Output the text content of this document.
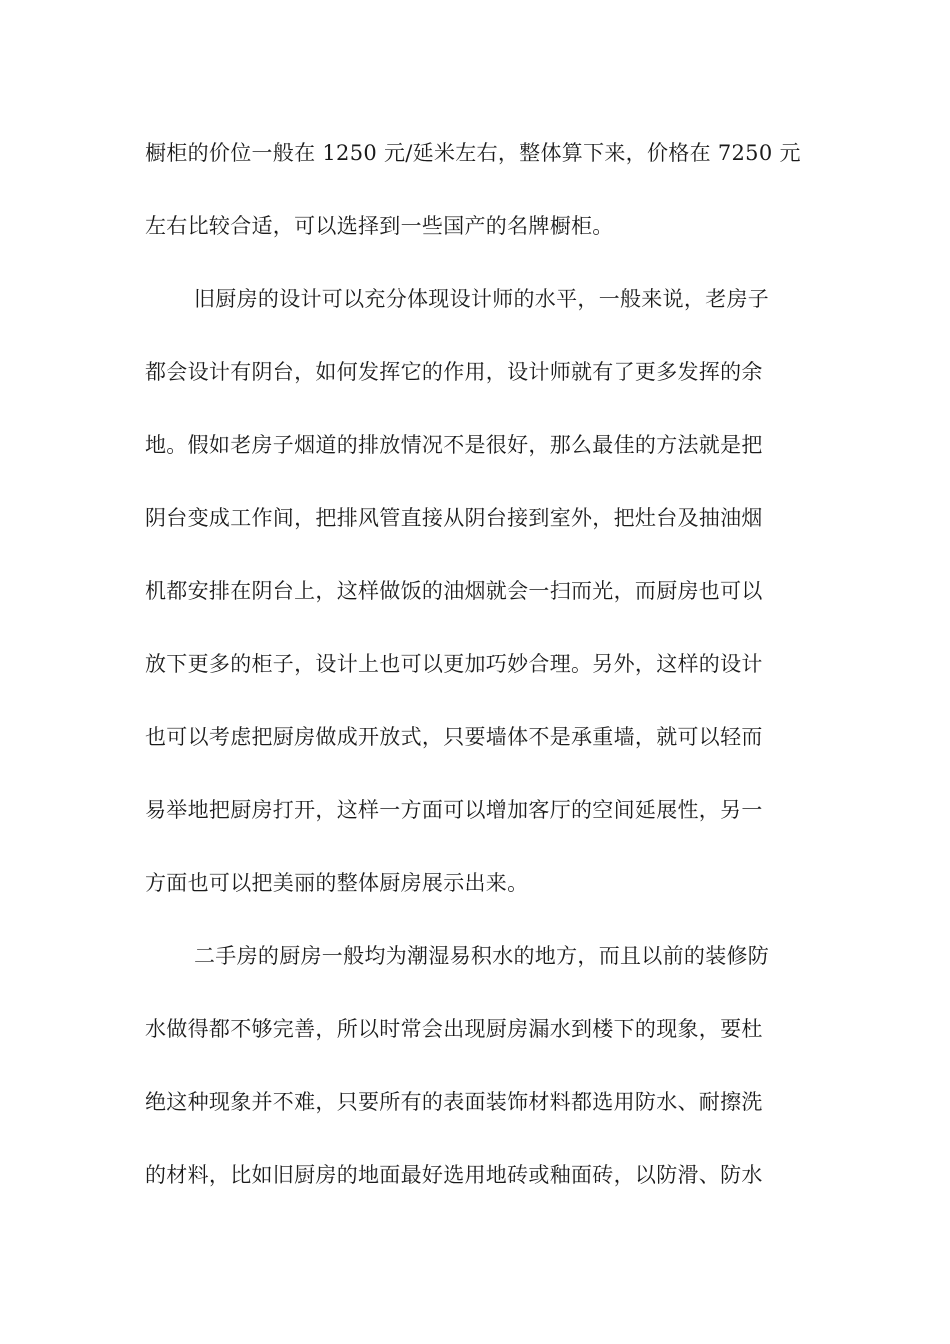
橱柜的价位一般在 1250 元/延米左右，整体算下来，价格在 7250 元
左右比较合适，可以选择到一些国产的名牌橱柜。
旧厨房的设计可以充分体现设计师的水平，一般来说，老房子
都会设计有阴台，如何发挥它的作用，设计师就有了更多发挥的余
地。假如老房子烟道的排放情况不是很好，那么最佳的方法就是把
阴台变成工作间，把排风管直接从阴台接到室外，把灶台及抽油烟
机都安排在阴台上，这样做饭的油烟就会一扫而光，而厨房也可以
放下更多的柜子，设计上也可以更加巧妙合理。另外，这样的设计
也可以考虑把厨房做成开放式，只要墙体不是承重墙，就可以轻而
易举地把厨房打开，这样一方面可以增加客厅的空间延展性，另一
方面也可以把美丽的整体厨房展示出来。
二手房的厨房一般均为潮湿易积水的地方，而且以前的装修防
水做得都不够完善，所以时常会出现厨房漏水到楼下的现象，要杜
绝这种现象并不难，只要所有的表面装饰材料都选用防水、耐擦洗
的材料，比如旧厨房的地面最好选用地砖或釉面砖，以防滑、防水
